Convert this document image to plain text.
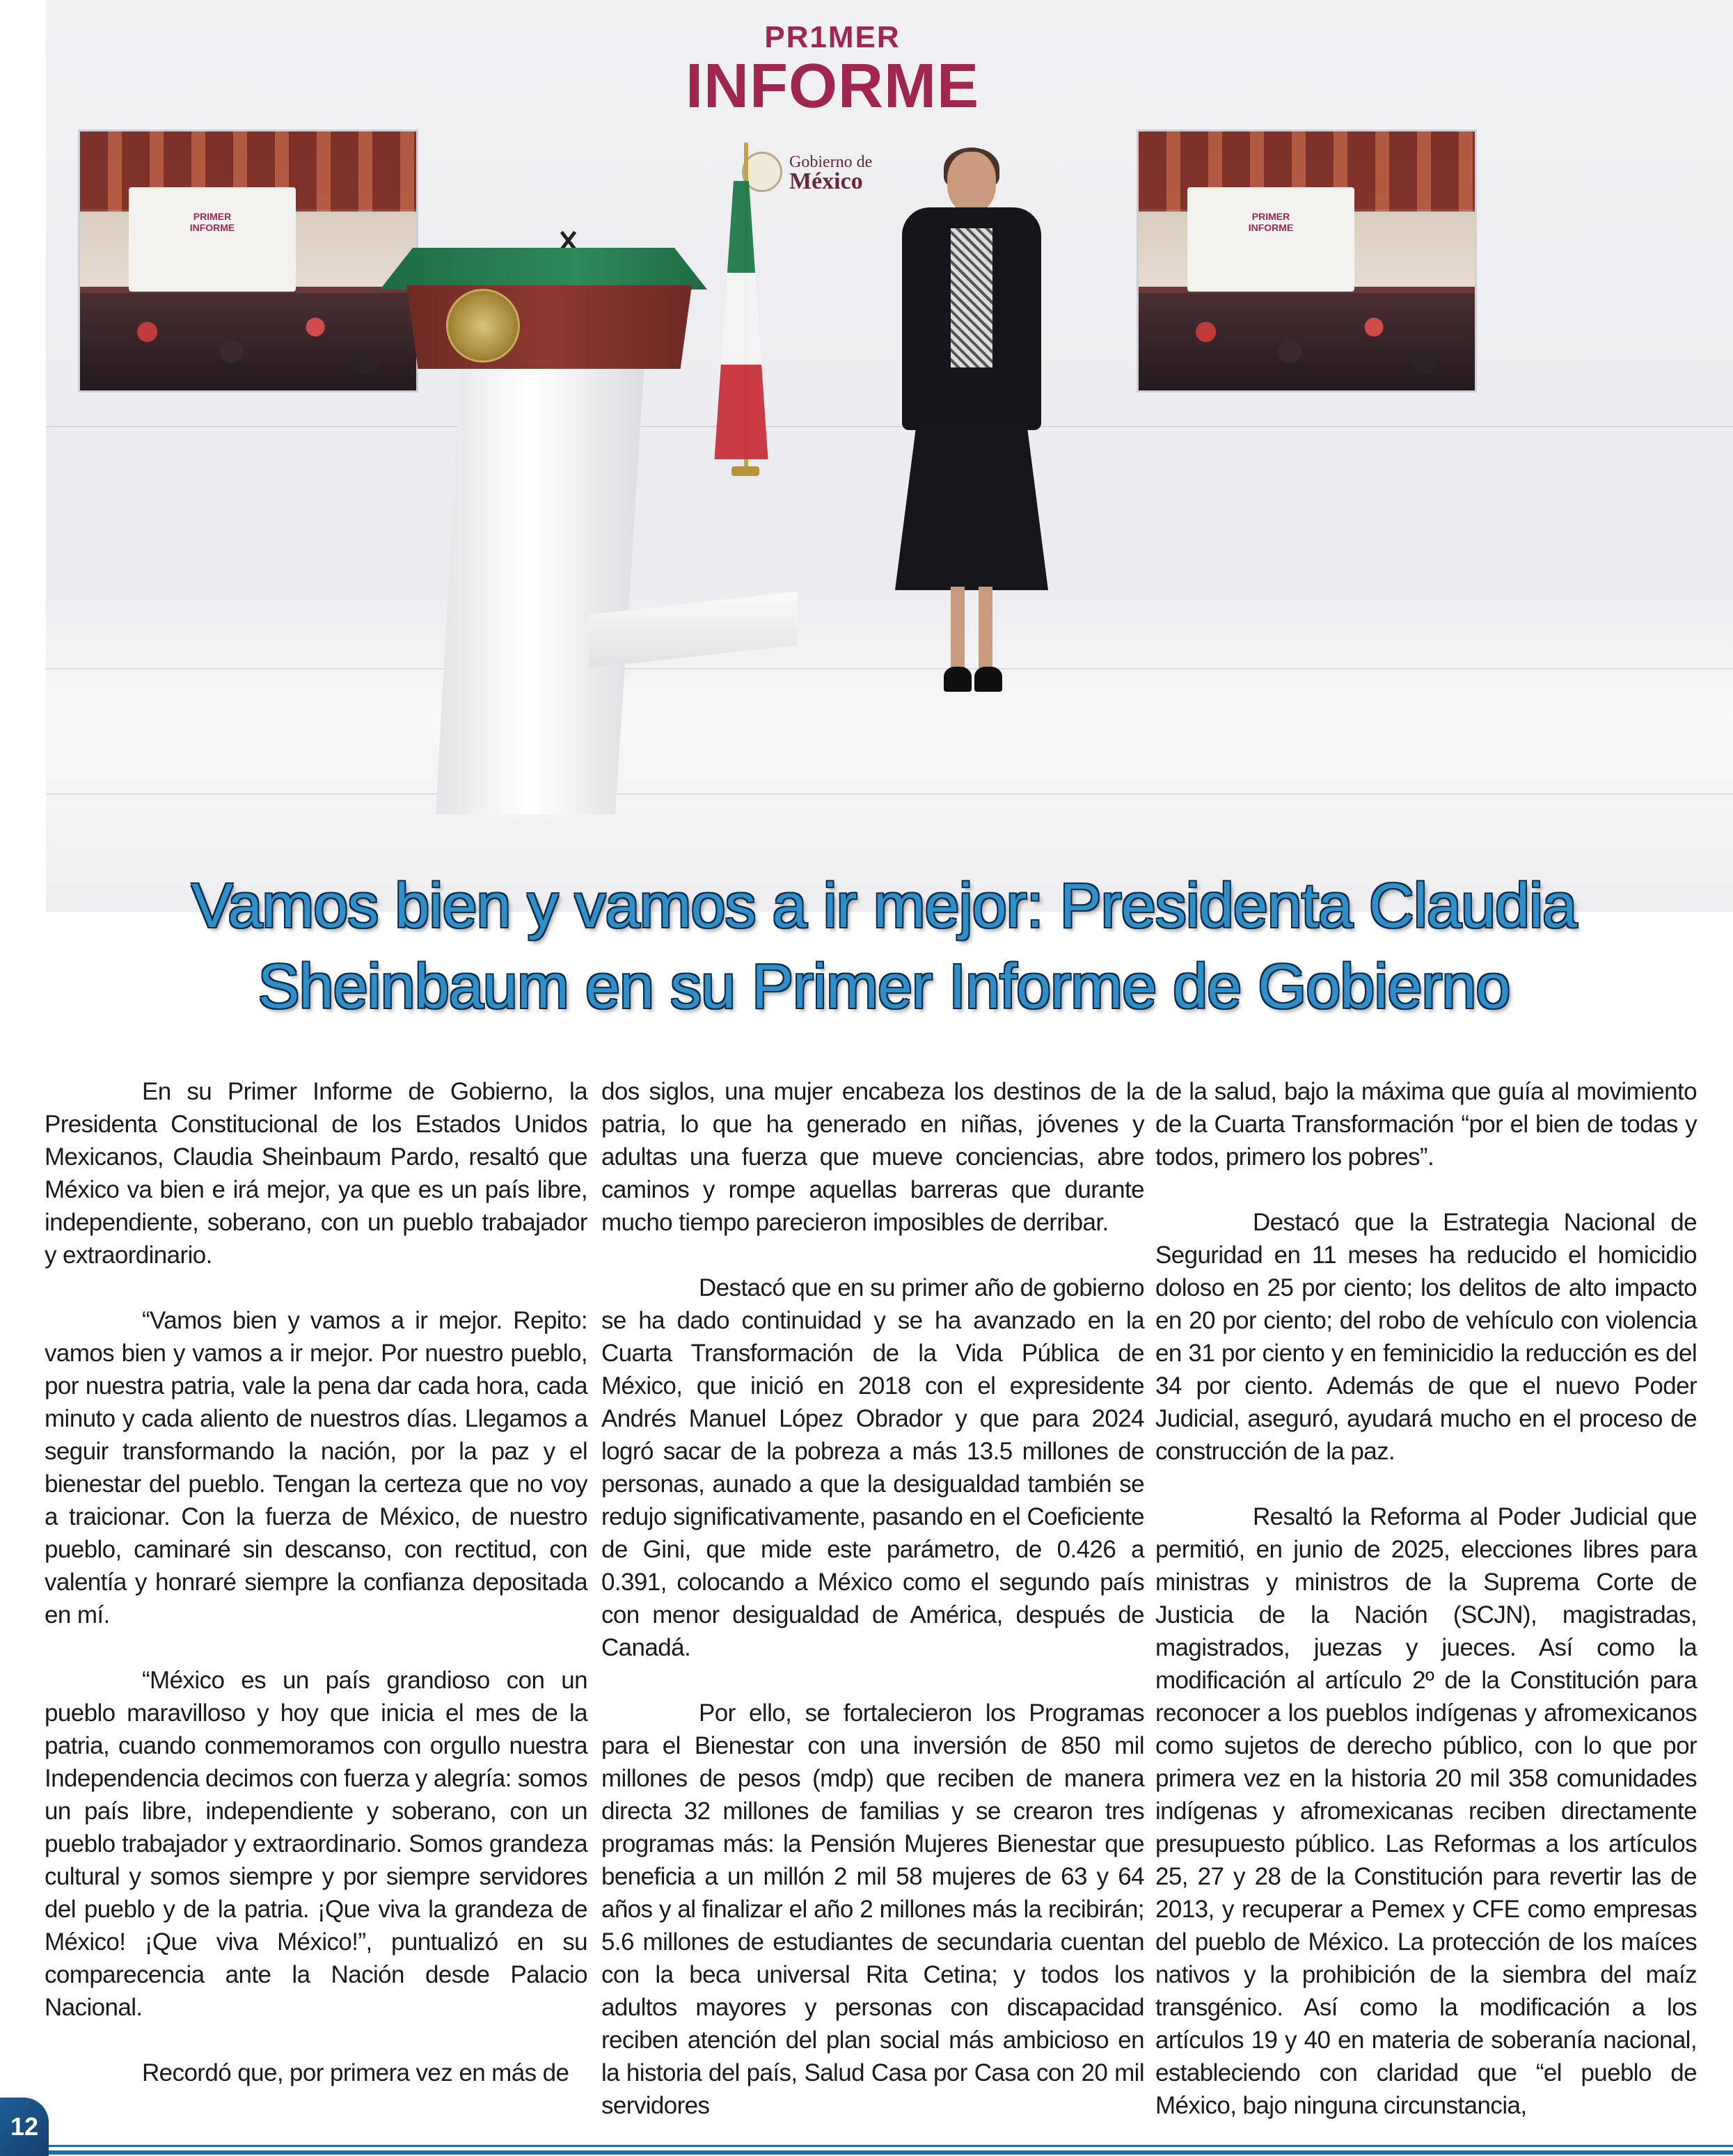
PR1MER
INFORME
Gobierno de
México
PRIMER
INFORME
PRIMER
INFORME
Vamos bien y vamos a ir mejor: Presidenta Claudia
Sheinbaum en su Primer Informe de Gobierno

En su Primer Informe de Gobierno, la Presidenta Constitucional de los Estados Unidos Mexicanos, Claudia Sheinbaum Pardo, resaltó que México va bien e irá mejor, ya que es un país libre, independiente, soberano, con un pueblo trabajador y extraordinario.

“Vamos bien y vamos a ir mejor. Repito: vamos bien y vamos a ir mejor. Por nuestro pueblo, por nuestra patria, vale la pena dar cada hora, cada minuto y cada aliento de nuestros días. Llegamos a seguir transformando la nación, por la paz y el bienestar del pueblo. Tengan la certeza que no voy a traicionar. Con la fuerza de México, de nuestro pueblo, caminaré sin descanso, con rectitud, con valentía y honraré siempre la confianza depositada en mí.

“México es un país grandioso con un pueblo maravilloso y hoy que inicia el mes de la patria, cuando conmemoramos con orgullo nuestra Independencia decimos con fuerza y alegría: somos un país libre, independiente y soberano, con un pueblo trabajador y extraordinario. Somos grandeza cultural y somos siempre y por siempre servidores del pueblo y de la patria. ¡Que viva la grandeza de México! ¡Que viva México!”, puntualizó en su comparecencia ante la Nación desde Palacio Nacional.

Recordó que, por primera vez en más de

dos siglos, una mujer encabeza los destinos de la patria, lo que ha generado en niñas, jóvenes y adultas una fuerza que mueve conciencias, abre caminos y rompe aquellas barreras que durante mucho tiempo parecieron imposibles de derribar.

Destacó que en su primer año de gobierno se ha dado continuidad y se ha avanzado en la Cuarta Transformación de la Vida Pública de México, que inició en 2018 con el expresidente Andrés Manuel López Obrador y que para 2024 logró sacar de la pobreza a más 13.5 millones de personas, aunado a que la desigualdad también se redujo significativamente, pasando en el Coeficiente de Gini, que mide este parámetro, de 0.426 a 0.391, colocando a México como el segundo país con menor desigualdad de América, después de Canadá.

Por ello, se fortalecieron los Programas para el Bienestar con una inversión de 850 mil millones de pesos (mdp) que reciben de manera directa 32 millones de familias y se crearon tres programas más: la Pensión Mujeres Bienestar que beneficia a un millón 2 mil 58 mujeres de 63 y 64 años y al finalizar el año 2 millones más la recibirán; 5.6 millones de estudiantes de secundaria cuentan con la beca universal Rita Cetina; y todos los adultos mayores y personas con discapacidad reciben atención del plan social más ambicioso en la historia del país, Salud Casa por Casa con 20 mil servidores

de la salud, bajo la máxima que guía al movimiento de la Cuarta Transformación “por el bien de todas y todos, primero los pobres”.

Destacó que la Estrategia Nacional de Seguridad en 11 meses ha reducido el homicidio doloso en 25 por ciento; los delitos de alto impacto en 20 por ciento; del robo de vehículo con violencia en 31 por ciento y en feminicidio la reducción es del 34 por ciento. Además de que el nuevo Poder Judicial, aseguró, ayudará mucho en el proceso de construcción de la paz.

Resaltó la Reforma al Poder Judicial que permitió, en junio de 2025, elecciones libres para ministras y ministros de la Suprema Corte de Justicia de la Nación (SCJN), magistradas, magistrados, juezas y jueces. Así como la modificación al artículo 2º de la Constitución para reconocer a los pueblos indígenas y afromexicanos como sujetos de derecho público, con lo que por primera vez en la historia 20 mil 358 comunidades indígenas y afromexicanas reciben directamente presupuesto público. Las Reformas a los artículos 25, 27 y 28 de la Constitución para revertir las de 2013, y recuperar a Pemex y CFE como empresas del pueblo de México. La protección de los maíces nativos y la prohibición de la siembra del maíz transgénico. Así como la modificación a los artículos 19 y 40 en materia de soberanía nacional, estableciendo con claridad que “el pueblo de México, bajo ninguna circunstancia,

12
